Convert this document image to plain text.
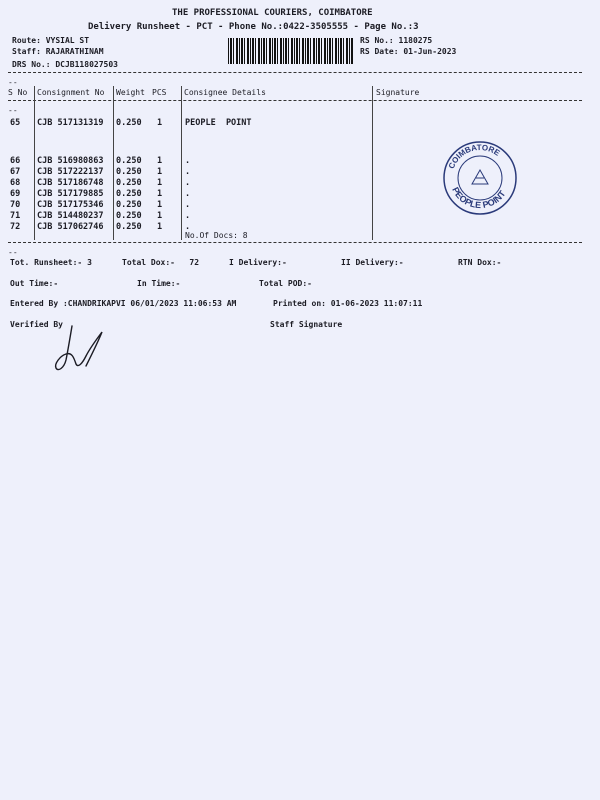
THE PROFESSIONAL COURIERS, COIMBATORE
Delivery Runsheet - PCT - Phone No.:0422-3505555 - Page No.:3
Route: VYSIAL ST
Staff: RAJARATHINAM
DRS No.: DCJB118027503
RS No.: 1180275
RS Date: 01-Jun-2023
--
S No Consignment No Weight PCS Consignee Details	Signature
--
65 CJB 517131319 0.250 1	PEOPLE  POINT
66 CJB 516980863 0.250 1	.
67 CJB 517222137 0.250 1	.
68 CJB 517186748 0.250 1	.
69 CJB 517179885 0.250 1	.
70 CJB 517175346 0.250 1	.
71 CJB 514480237 0.250 1	.
72 CJB 517062746 0.250 1	.
No.Of Docs: 8
COIMBATORE
PEOPLE POINT
--
Tot. Runsheet:- 3	Total Dox:-   72	I Delivery:-	II Delivery:-	RTN Dox:-
Out Time:-	In Time:-	Total POD:-
Entered By :CHANDRIKAPVI 06/01/2023 11:06:53 AM	Printed on: 01-06-2023 11:07:11
Verified By	Staff Signature
